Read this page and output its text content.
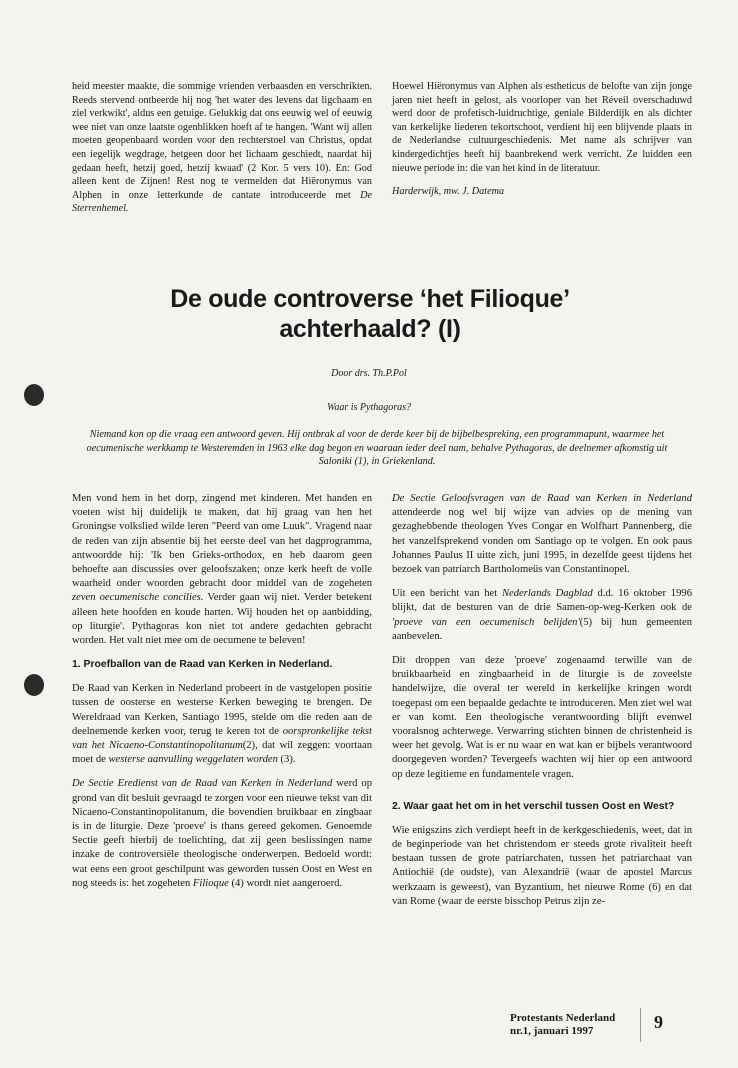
heid meester maakte, die sommige vrienden verbaasden en verschrikten. Reeds stervend ontbeerde hij nog 'het water des levens dat ligchaam en ziel verkwikt', aldus een getuige. Gelukkig dat ons eeuwig wel of eeuwig wee niet van onze laatste ogenblikken hoeft af te hangen. 'Want wij allen moeten geopenbaard worden voor den rechterstoel van Christus, opdat een iegelijk wegdrage, hetgeen door het lichaam geschiedt, naardat hij gedaan heeft, hetzij goed, hetzij kwaad' (2 Kor. 5 vers 10). En: God alleen kent de Zijnen! Rest nog te vermelden dat Hiëronymus van Alphen in onze letterkunde de cantate introduceerde met De Sterrenhemel.

Hoewel Hiëronymus van Alphen als estheticus de belofte van zijn jonge jaren niet heeft in gelost, als voorloper van het Réveil overschaduwd werd door de profetisch-luidruchtige, geniale Bilderdijk en als dichter van kerkelijke liederen tekortschoot, verdient hij een blijvende plaats in de Nederlandse cultuurgeschiedenis. Met name als schrijver van kindergedichtjes heeft hij baanbrekend werk verricht. Ze luidden een nieuwe periode in: die van het kind in de literatuur.

Harderwijk, mw. J. Datema

De oude controverse ‘het Filioque’
achterhaald? (I)
Door drs. Th.P.Pol
Waar is Pythagoras?
Niemand kon op die vraag een antwoord geven. Hij ontbrak al voor de derde keer bij de bijbelbespreking, een programmapunt, waarmee het oecumenische werkkamp te Westeremden in 1963 elke dag begon en waaraan ieder deel nam, behalve Pythagoras, de deelnemer afkomstig uit Saloniki (1), in Griekenland.

Men vond hem in het dorp, zingend met kinderen. Met handen en voeten wist hij duidelijk te maken, dat hij graag van hen het Groningse volkslied wilde leren "Peerd van ome Luuk". Vragend naar de reden van zijn absentie bij het eerste deel van het dagprogramma, antwoordde hij: 'Ik ben Grieks-orthodox, en heb daarom geen behoefte aan discussies over geloofszaken; onze kerk heeft de volle waarheid onder woorden gebracht door middel van de zogeheten zeven oecumenische concilies. Verder gaan wij niet. Verder betekent alleen hete hoofden en koude harten. Wij houden het op aanbidding, op liturgie'. Pythagoras kon niet tot andere gedachten gebracht worden. Het valt niet mee om de oecumene te beleven!

1. Proefballon van de Raad van Kerken in Nederland.

De Raad van Kerken in Nederland probeert in de vastgelopen positie tussen de oosterse en westerse Kerken beweging te brengen. De Wereldraad van Kerken, Santiago 1995, stelde om die reden aan de deelnemende kerken voor, terug te keren tot de oorspronkelijke tekst van het Nicaeno-Constantinopolitanum(2), dat wil zeggen: voortaan moet de westerse aanvulling weggelaten worden (3).

De Sectie Eredienst van de Raad van Kerken in Nederland werd op grond van dit besluit gevraagd te zorgen voor een nieuwe tekst van dit Nicaeno-Constantinopolitanum, die bovendien bruikbaar en zingbaar is in de liturgie. Deze 'proeve' is thans gereed gekomen. Genoemde Sectie geeft hierbij de toelichting, dat zij geen beslissingen name inzake de controversiële theologische onderwerpen. Bedoeld wordt: wat eens een groot geschilpunt was geworden tussen Oost en West en nog steeds is: het zogeheten Filioque (4) wordt niet aangeroerd.

De Sectie Geloofsvragen van de Raad van Kerken in Nederland attendeerde nog wel bij wijze van advies op de mening van gezaghebbende theologen Yves Congar en Wolfhart Pannenberg, die het vanzelfsprekend vonden om Santiago op te volgen. En ook paus Johannes Paulus II uitte zich, juni 1995, in dezelfde geest tijdens het bezoek van patriarch Bartholomeüs van Constantinopel.

Uit een bericht van het Nederlands Dagblad d.d. 16 oktober 1996 blijkt, dat de besturen van de drie Samen-op-weg-Kerken ook de 'proeve van een oecumenisch belijden'(5) bij hun gemeenten aanbevelen.

Dit droppen van deze 'proeve' zogenaamd terwille van de bruikbaarheid en zingbaarheid in de liturgie is de zoveelste handelwijze, die overal ter wereld in kerkelijke kringen wordt toegepast om een bepaalde gedachte te introduceren. Men ziet wel wat er van komt. Een theologische verantwoording blijft evenwel vooralsnog achterwege. Verwarring stichten binnen de christenheid is weer het gevolg. Wat is er nu waar en wat kan er bijbels verantwoord doorgegeven worden? Tevergeefs wachten wij hier op een antwoord op deze legitieme en fundamentele vragen.

2. Waar gaat het om in het verschil tussen Oost en West?

Wie enigszins zich verdiept heeft in de kerkgeschiedenis, weet, dat in de beginperiode van het christendom er steeds grote rivaliteit heeft bestaan tussen de grote patriarchaten, tussen het patriarchaat van Antiochië (de oudste), van Alexandrië (waar de apostel Marcus werkzaam is geweest), van Byzantium, het nieuwe Rome (6) en dat van Rome (waar de eerste bisschop Petrus zijn ze-

Protestants Nederland
nr.1, januari 1997	9
